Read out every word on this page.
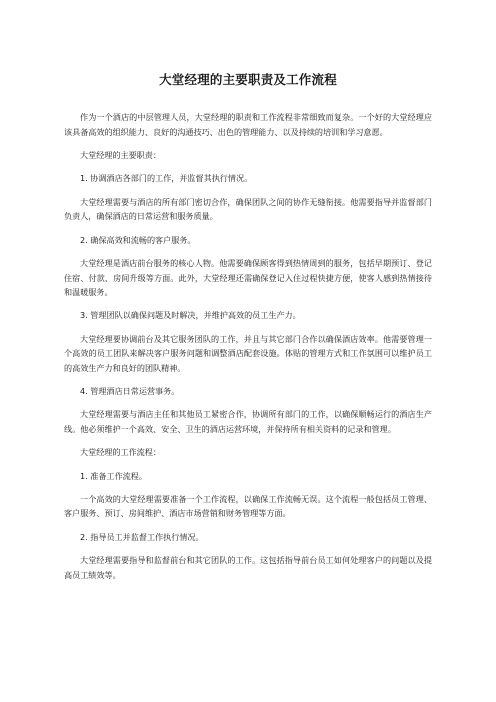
大堂经理的主要职责及工作流程

作为一个酒店的中层管理人员，大堂经理的职责和工作流程非常细致而复杂。一个好的大堂经理应该具备高效的组织能力、良好的沟通技巧、出色的管理能力、以及持续的培训和学习意愿。

大堂经理的主要职责：

1. 协调酒店各部门的工作，并监督其执行情况。

大堂经理需要与酒店的所有部门密切合作，确保团队之间的协作无缝衔接。他需要指导并监督部门负责人，确保酒店的日常运营和服务质量。

2. 确保高效和流畅的客户服务。

大堂经理是酒店前台服务的核心人物。他需要确保顾客得到热情周到的服务，包括早期预订、登记住宿、付款、房间升级等方面。此外，大堂经理还需确保登记入住过程快捷方便，使客人感到热情接待和温暖服务。

3. 管理团队以确保问题及时解决，并维护高效的员工生产力。

大堂经理要协调前台及其它服务团队的工作，并且与其它部门合作以确保酒店效率。他需要管理一个高效的员工团队来解决客户服务问题和调整酒店配套设施。体贴的管理方式和工作氛围可以维护员工的高效生产力和良好的团队精神。

4. 管理酒店日常运营事务。

大堂经理需要与酒店主任和其他员工紧密合作，协调所有部门的工作，以确保顺畅运行的酒店生产线。他必须维护一个高效、安全、卫生的酒店运营环境，并保持所有相关资料的记录和管理。

大堂经理的工作流程：

1. 准备工作流程。

一个高效的大堂经理需要准备一个工作流程，以确保工作流畅无误。这个流程一般包括员工管理、客户服务、预订、房间维护、酒店市场营销和财务管理等方面。

2. 指导员工并监督工作执行情况。

大堂经理需要指导和监督前台和其它团队的工作。这包括指导前台员工如何处理客户的问题以及提高员工绩效等。
